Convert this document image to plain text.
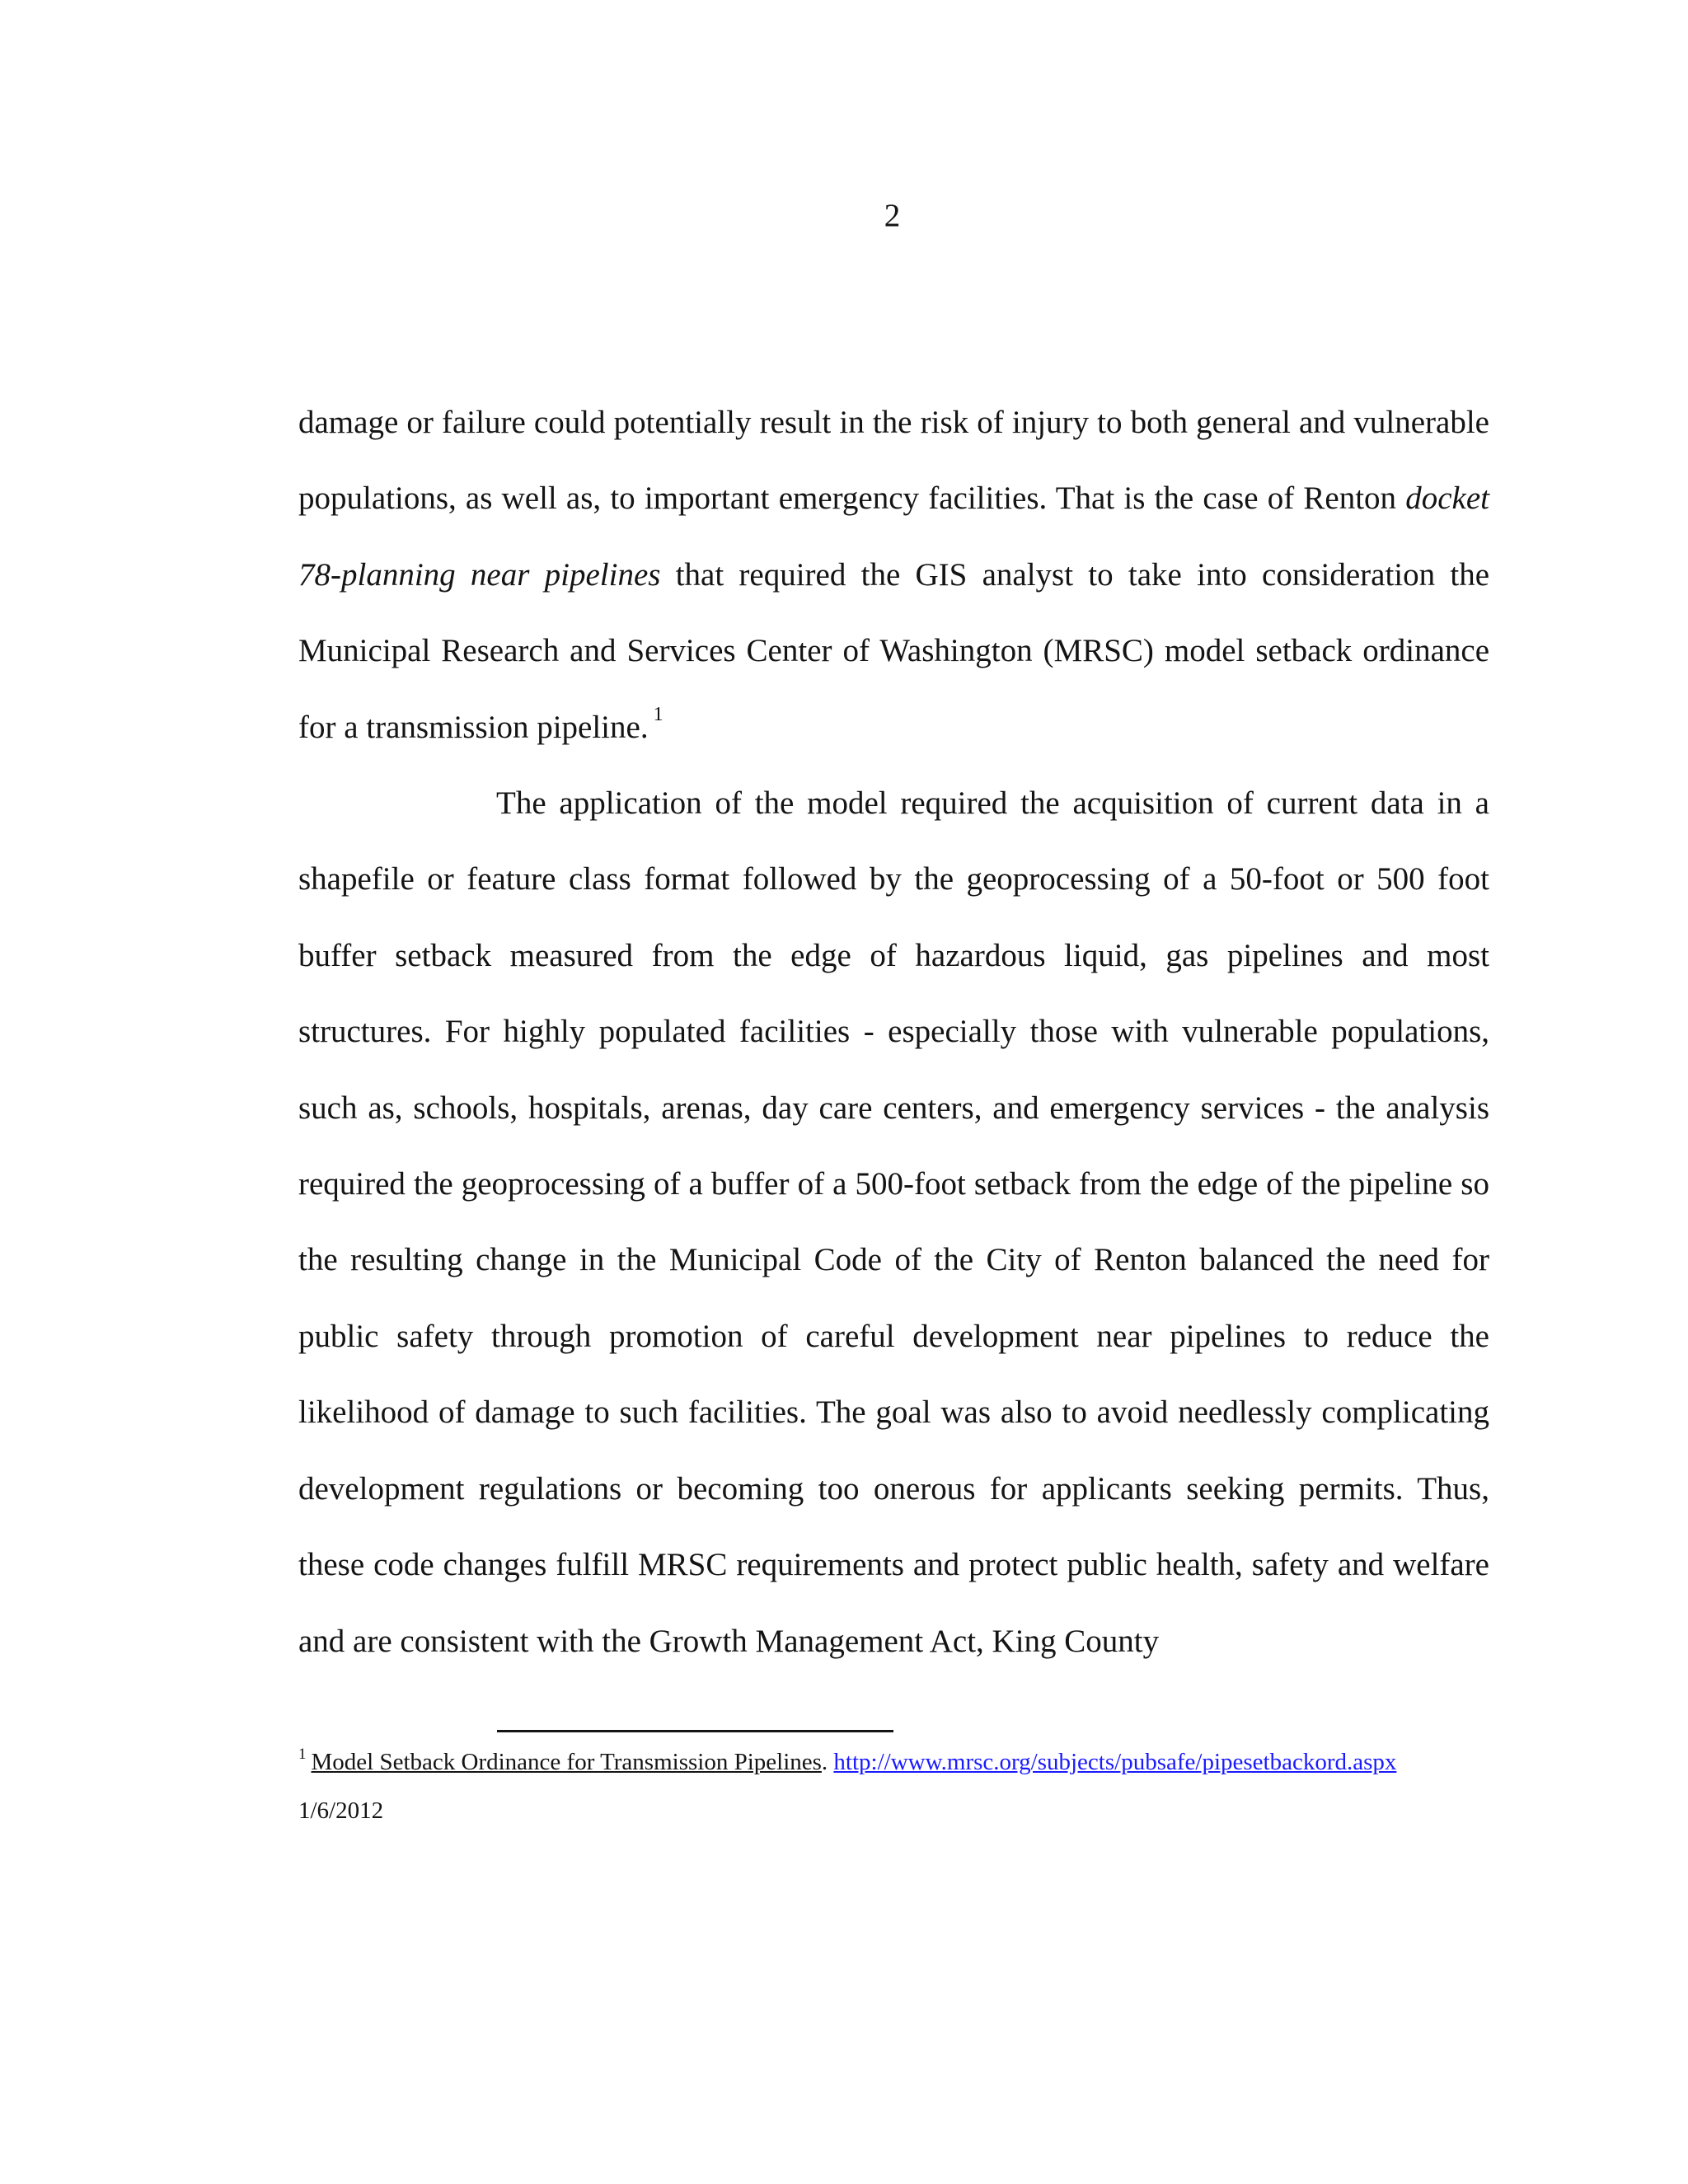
2

damage or failure could potentially result in the risk of injury to both general and vulnerable populations, as well as, to important emergency facilities. That is the case of Renton docket 78-planning near pipelines that required the GIS analyst to take into consideration the Municipal Research and Services Center of Washington (MRSC) model setback ordinance for a transmission pipeline. $^1$

The application of the model required the acquisition of current data in a shapefile or feature class format followed by the geoprocessing of a 50-foot or 500 foot buffer setback measured from the edge of hazardous liquid, gas pipelines and most structures. For highly populated facilities - especially those with vulnerable populations, such as, schools, hospitals, arenas, day care centers, and emergency services - the analysis required the geoprocessing of a buffer of a 500-foot setback from the edge of the pipeline so the resulting change in the Municipal Code of the City of Renton balanced the need for public safety through promotion of careful development near pipelines to reduce the likelihood of damage to such facilities. The goal was also to avoid needlessly complicating development regulations or becoming too onerous for applicants seeking permits. Thus, these code changes fulfill MRSC requirements and protect public health, safety and welfare and are consistent with the Growth Management Act, King County

$^1$ Model Setback Ordinance for Transmission Pipelines. http://www.mrsc.org/subjects/pubsafe/pipesetbackord.aspx
1/6/2012
